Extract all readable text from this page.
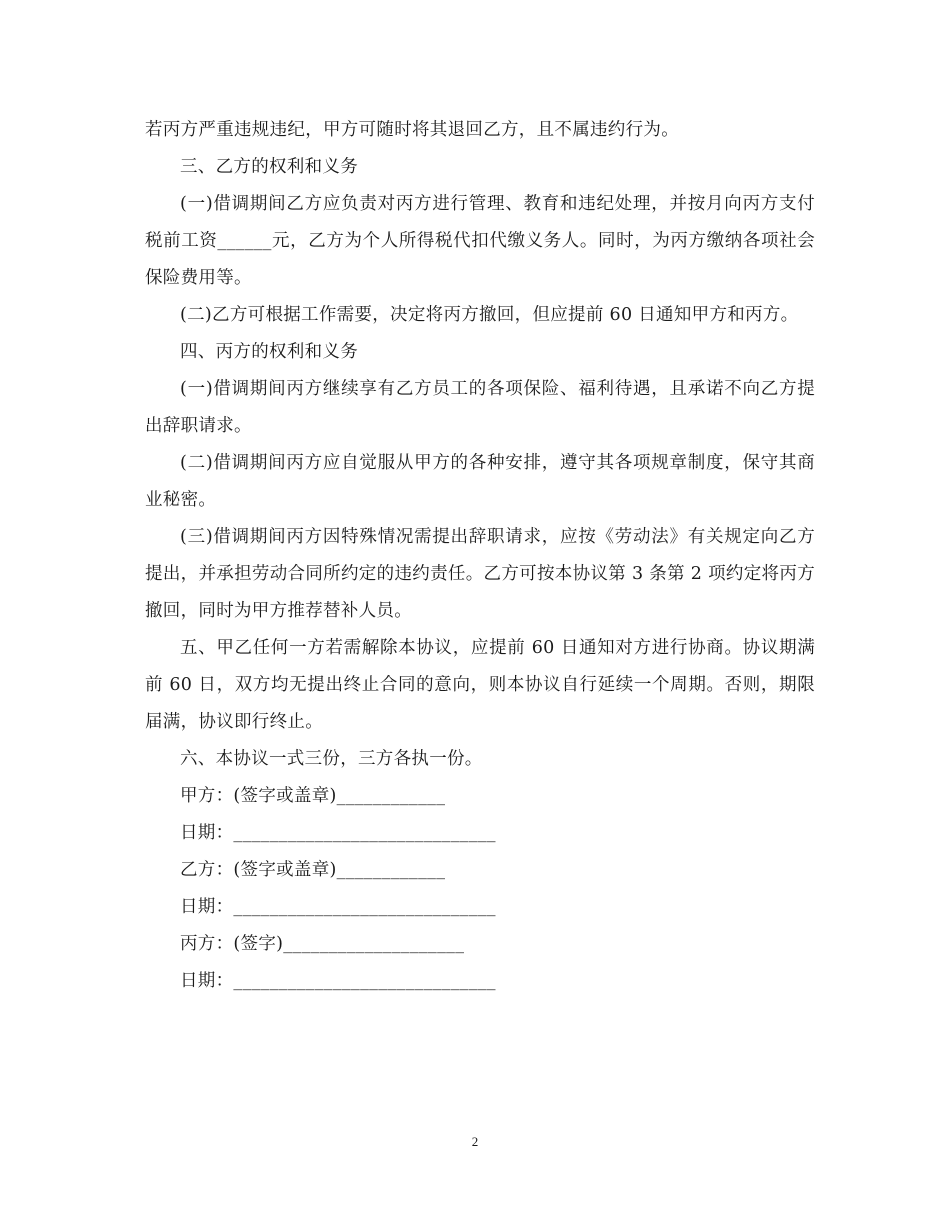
若丙方严重违规违纪，甲方可随时将其退回乙方，且不属违约行为。

三、乙方的权利和义务

(一)借调期间乙方应负责对丙方进行管理、教育和违纪处理，并按月向丙方支付税前工资______元，乙方为个人所得税代扣代缴义务人。同时，为丙方缴纳各项社会保险费用等。

(二)乙方可根据工作需要，决定将丙方撤回，但应提前 60 日通知甲方和丙方。

四、丙方的权利和义务

(一)借调期间丙方继续享有乙方员工的各项保险、福利待遇，且承诺不向乙方提出辞职请求。

(二)借调期间丙方应自觉服从甲方的各种安排，遵守其各项规章制度，保守其商业秘密。

(三)借调期间丙方因特殊情况需提出辞职请求，应按《劳动法》有关规定向乙方提出，并承担劳动合同所约定的违约责任。乙方可按本协议第 3 条第 2 项约定将丙方撤回，同时为甲方推荐替补人员。

五、甲乙任何一方若需解除本协议，应提前 60 日通知对方进行协商。协议期满前 60 日，双方均无提出终止合同的意向，则本协议自行延续一个周期。否则，期限届满，协议即行终止。

六、本协议一式三份，三方各执一份。

甲方：(签字或盖章)____________

日期：_____________________________

乙方：(签字或盖章)____________

日期：_____________________________

丙方：(签字)____________________

日期：_____________________________

2
